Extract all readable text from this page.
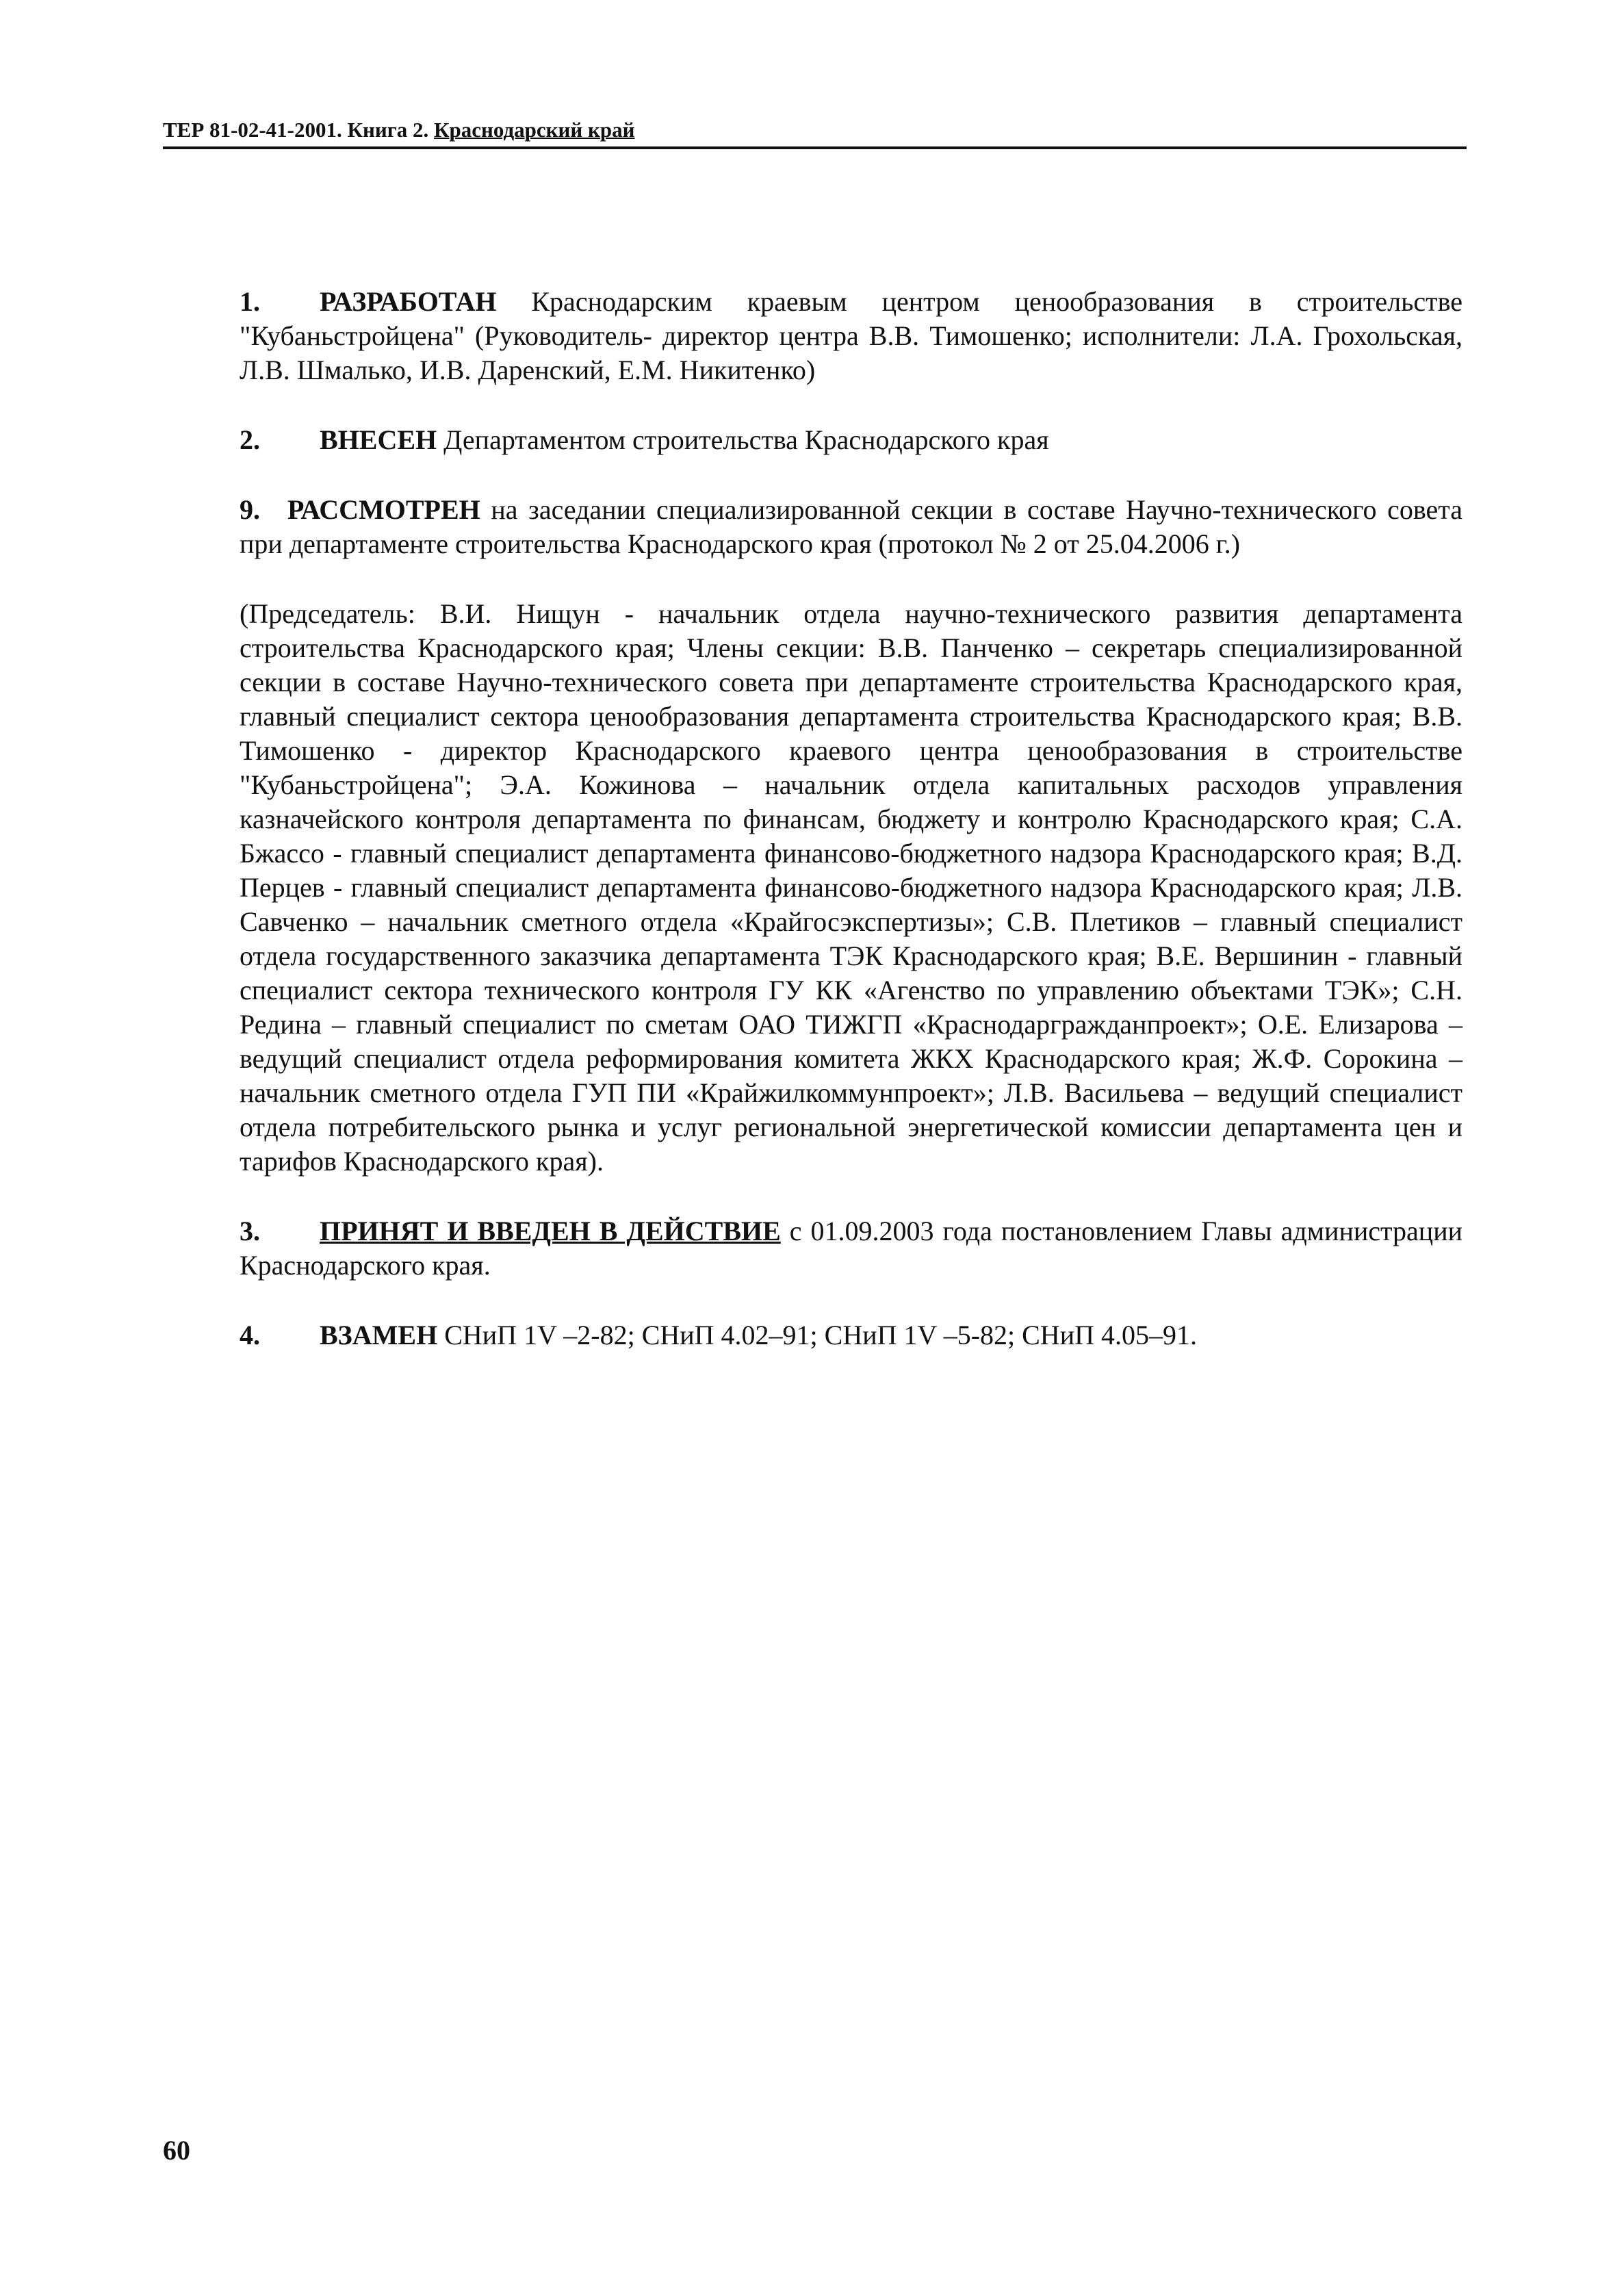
ТЕР 81-02-41-2001. Книга 2. Краснодарский край

1. РАЗРАБОТАН Краснодарским краевым центром ценообразования в строительстве "Кубаньстройцена" (Руководитель- директор центра В.В. Тимошенко; исполнители: Л.А. Грохольская, Л.В. Шмалько, И.В. Даренский, Е.М. Никитенко)

2. ВНЕСЕН Департаментом строительства Краснодарского края

9. РАССМОТРЕН на заседании специализированной секции в составе Научно-технического совета при департаменте строительства Краснодарского края (протокол № 2 от 25.04.2006 г.)

(Председатель: В.И. Нищун - начальник отдела научно-технического развития департамента строительства Краснодарского края; Члены секции: В.В. Панченко – секретарь специализированной секции в составе Научно-технического совета при департаменте строительства Краснодарского края, главный специалист сектора ценообразования департамента строительства Краснодарского края; В.В. Тимошенко - директор Краснодарского краевого центра ценообразования в строительстве "Кубаньстройцена"; Э.А. Кожинова – начальник отдела капитальных расходов управления казначейского контроля департамента по финансам, бюджету и контролю Краснодарского края; С.А. Бжассо - главный специалист департамента финансово-бюджетного надзора Краснодарского края; В.Д. Перцев - главный специалист департамента финансово-бюджетного надзора Краснодарского края; Л.В. Савченко – начальник сметного отдела «Крайгосэкспертизы»; С.В. Плетиков – главный специалист отдела государственного заказчика департамента ТЭК Краснодарского края; В.Е. Вершинин - главный специалист сектора технического контроля ГУ КК «Агенство по управлению объектами ТЭК»; С.Н. Редина – главный специалист по сметам ОАО ТИЖГП «Краснодаргражданпроект»; О.Е. Елизарова – ведущий специалист отдела реформирования комитета ЖКХ Краснодарского края; Ж.Ф. Сорокина – начальник сметного отдела ГУП ПИ «Крайжилкоммунпроект»; Л.В. Васильева – ведущий специалист отдела потребительского рынка и услуг региональной энергетической комиссии департамента цен и тарифов Краснодарского края).

3. ПРИНЯТ И ВВЕДЕН В ДЕЙСТВИЕ с 01.09.2003 года постановлением Главы администрации Краснодарского края.

4. ВЗАМЕН СНиП 1V –2-82; СНиП 4.02–91; СНиП 1V –5-82; СНиП 4.05–91.

60
